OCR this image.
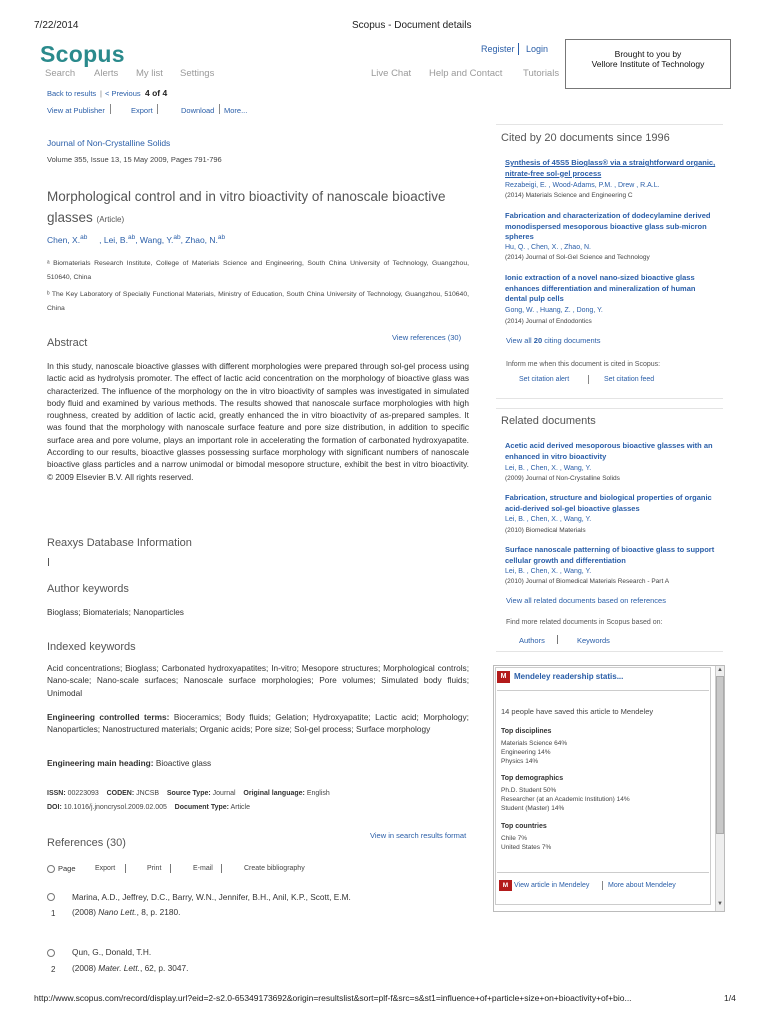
7/22/2014	Scopus - Document details
Scopus
Search Alerts My list Settings	Live Chat Help and Contact Tutorials
Register Login	Brought to you by
Vellore Institute of Technology
Back to results | < Previous 4 of 4
View at Publisher	Export	Download More...
Journal of Non-Crystalline Solids
Volume 355, Issue 13, 15 May 2009, Pages 791-796
Morphological control and in vitro bioactivity of nanoscale bioactive glasses (Article)
Chen, X.$^{ab}$     , Lei, B.$^{ab}$, Wang, Y.$^{ab}$, Zhao, N.$^{ab}$
ᵃ Biomaterials Research Institute, College of Materials Science and Engineering, South China University of Technology, Guangzhou, 510640, China
ᵇ The Key Laboratory of Specially Functional Materials, Ministry of Education, South China University of Technology, Guangzhou, 510640, China
Abstract	View references (30)
In this study, nanoscale bioactive glasses with different morphologies were prepared through sol-gel process using lactic acid as hydrolysis promoter. The effect of lactic acid concentration on the morphology of bioactive glass was characterized. The influence of the morphology on the in vitro bioactivity of samples was investigated in simulated body fluid and examined by various methods. The results showed that nanoscale surface morphologies with high roughness, created by addition of lactic acid, greatly enhanced the in vitro bioactivity of as-prepared samples. It was found that the morphology with nanoscale surface feature and pore size distribution, in addition to specific surface area and pore volume, plays an important role in accelerating the formation of carbonated hydroxyapatite. According to our results, bioactive glasses possessing surface morphology with significant numbers of nanoscale bioactive glass particles and a narrow unimodal or bimodal mesopore structure, exhibit the best in vitro bioactivity. © 2009 Elsevier B.V. All rights reserved.
Reaxys Database Information
Author keywords
Bioglass; Biomaterials; Nanoparticles
Indexed keywords
Acid concentrations; Bioglass; Carbonated hydroxyapatites; In-vitro; Mesopore structures; Morphological controls; Nano-scale; Nano-scale surfaces; Nanoscale surface morphologies; Pore volumes; Simulated body fluids; Unimodal
Engineering controlled terms: Bioceramics; Body fluids; Gelation; Hydroxyapatite; Lactic acid; Morphology; Nanoparticles; Nanostructured materials; Organic acids; Pore size; Sol-gel process; Surface morphology
Engineering main heading: Bioactive glass
ISSN: 00223093 CODEN: JNCSB Source Type: Journal Original language: English
DOI: 10.1016/j.jnoncrysol.2009.02.005 Document Type: Article
References (30)
View in search results format
Page	Export	Print	E-mail	Create bibliography
1
Marina, A.D., Jeffrey, D.C., Barry, W.N., Jennifer, B.H., Anil, K.P., Scott, E.M.
(2008) Nano Lett., 8, p. 2180.
2
Qun, G., Donald, T.H.
(2008) Mater. Lett., 62, p. 3047.
Cited by 20 documents since 1996
Synthesis of 45S5 Bioglass® via a straightforward organic, nitrate-free sol-gel process
Rezabeigi, E. , Wood-Adams, P.M. , Drew , R.A.L.
(2014) Materials Science and Engineering C
Fabrication and characterization of dodecylamine derived monodispersed mesoporous bioactive glass sub-micron spheres
Hu, Q. , Chen, X. , Zhao, N.
(2014) Journal of Sol-Gel Science and Technology
Ionic extraction of a novel nano-sized bioactive glass enhances differentiation and mineralization of human dental pulp cells
Gong, W. , Huang, Z. , Dong, Y.
(2014) Journal of Endodontics
View all 20 citing documents
Inform me when this document is cited in Scopus:
Set citation alert	Set citation feed
Related documents
Acetic acid derived mesoporous bioactive glasses with an enhanced in vitro bioactivity
Lei, B. , Chen, X. , Wang, Y.
(2009) Journal of Non-Crystalline Solids
Fabrication, structure and biological properties of organic acid-derived sol-gel bioactive glasses
Lei, B. , Chen, X. , Wang, Y.
(2010) Biomedical Materials
Surface nanoscale patterning of bioactive glass to support cellular growth and differentiation
Lei, B. , Chen, X. , Wang, Y.
(2010) Journal of Biomedical Materials Research - Part A
View all related documents based on references
Find more related documents in Scopus based on:
Authors	Keywords
M Mendeley readership statis...
14 people have saved this article to Mendeley
Top disciplines
Materials Science 64%
Engineering 14%
Physics 14%
Top demographics
Ph.D. Student 50%
Researcher (at an Academic Institution) 14%
Student (Master) 14%
Top countries
Chile 7%
United States 7%
M View article in Mendeley	More about Mendeley
▲
▼
http://www.scopus.com/record/display.url?eid=2-s2.0-65349173692&origin=resultslist&sort=plf-f&src=s&st1=influence+of+particle+size+on+bioactivity+of+bio...	1/4
